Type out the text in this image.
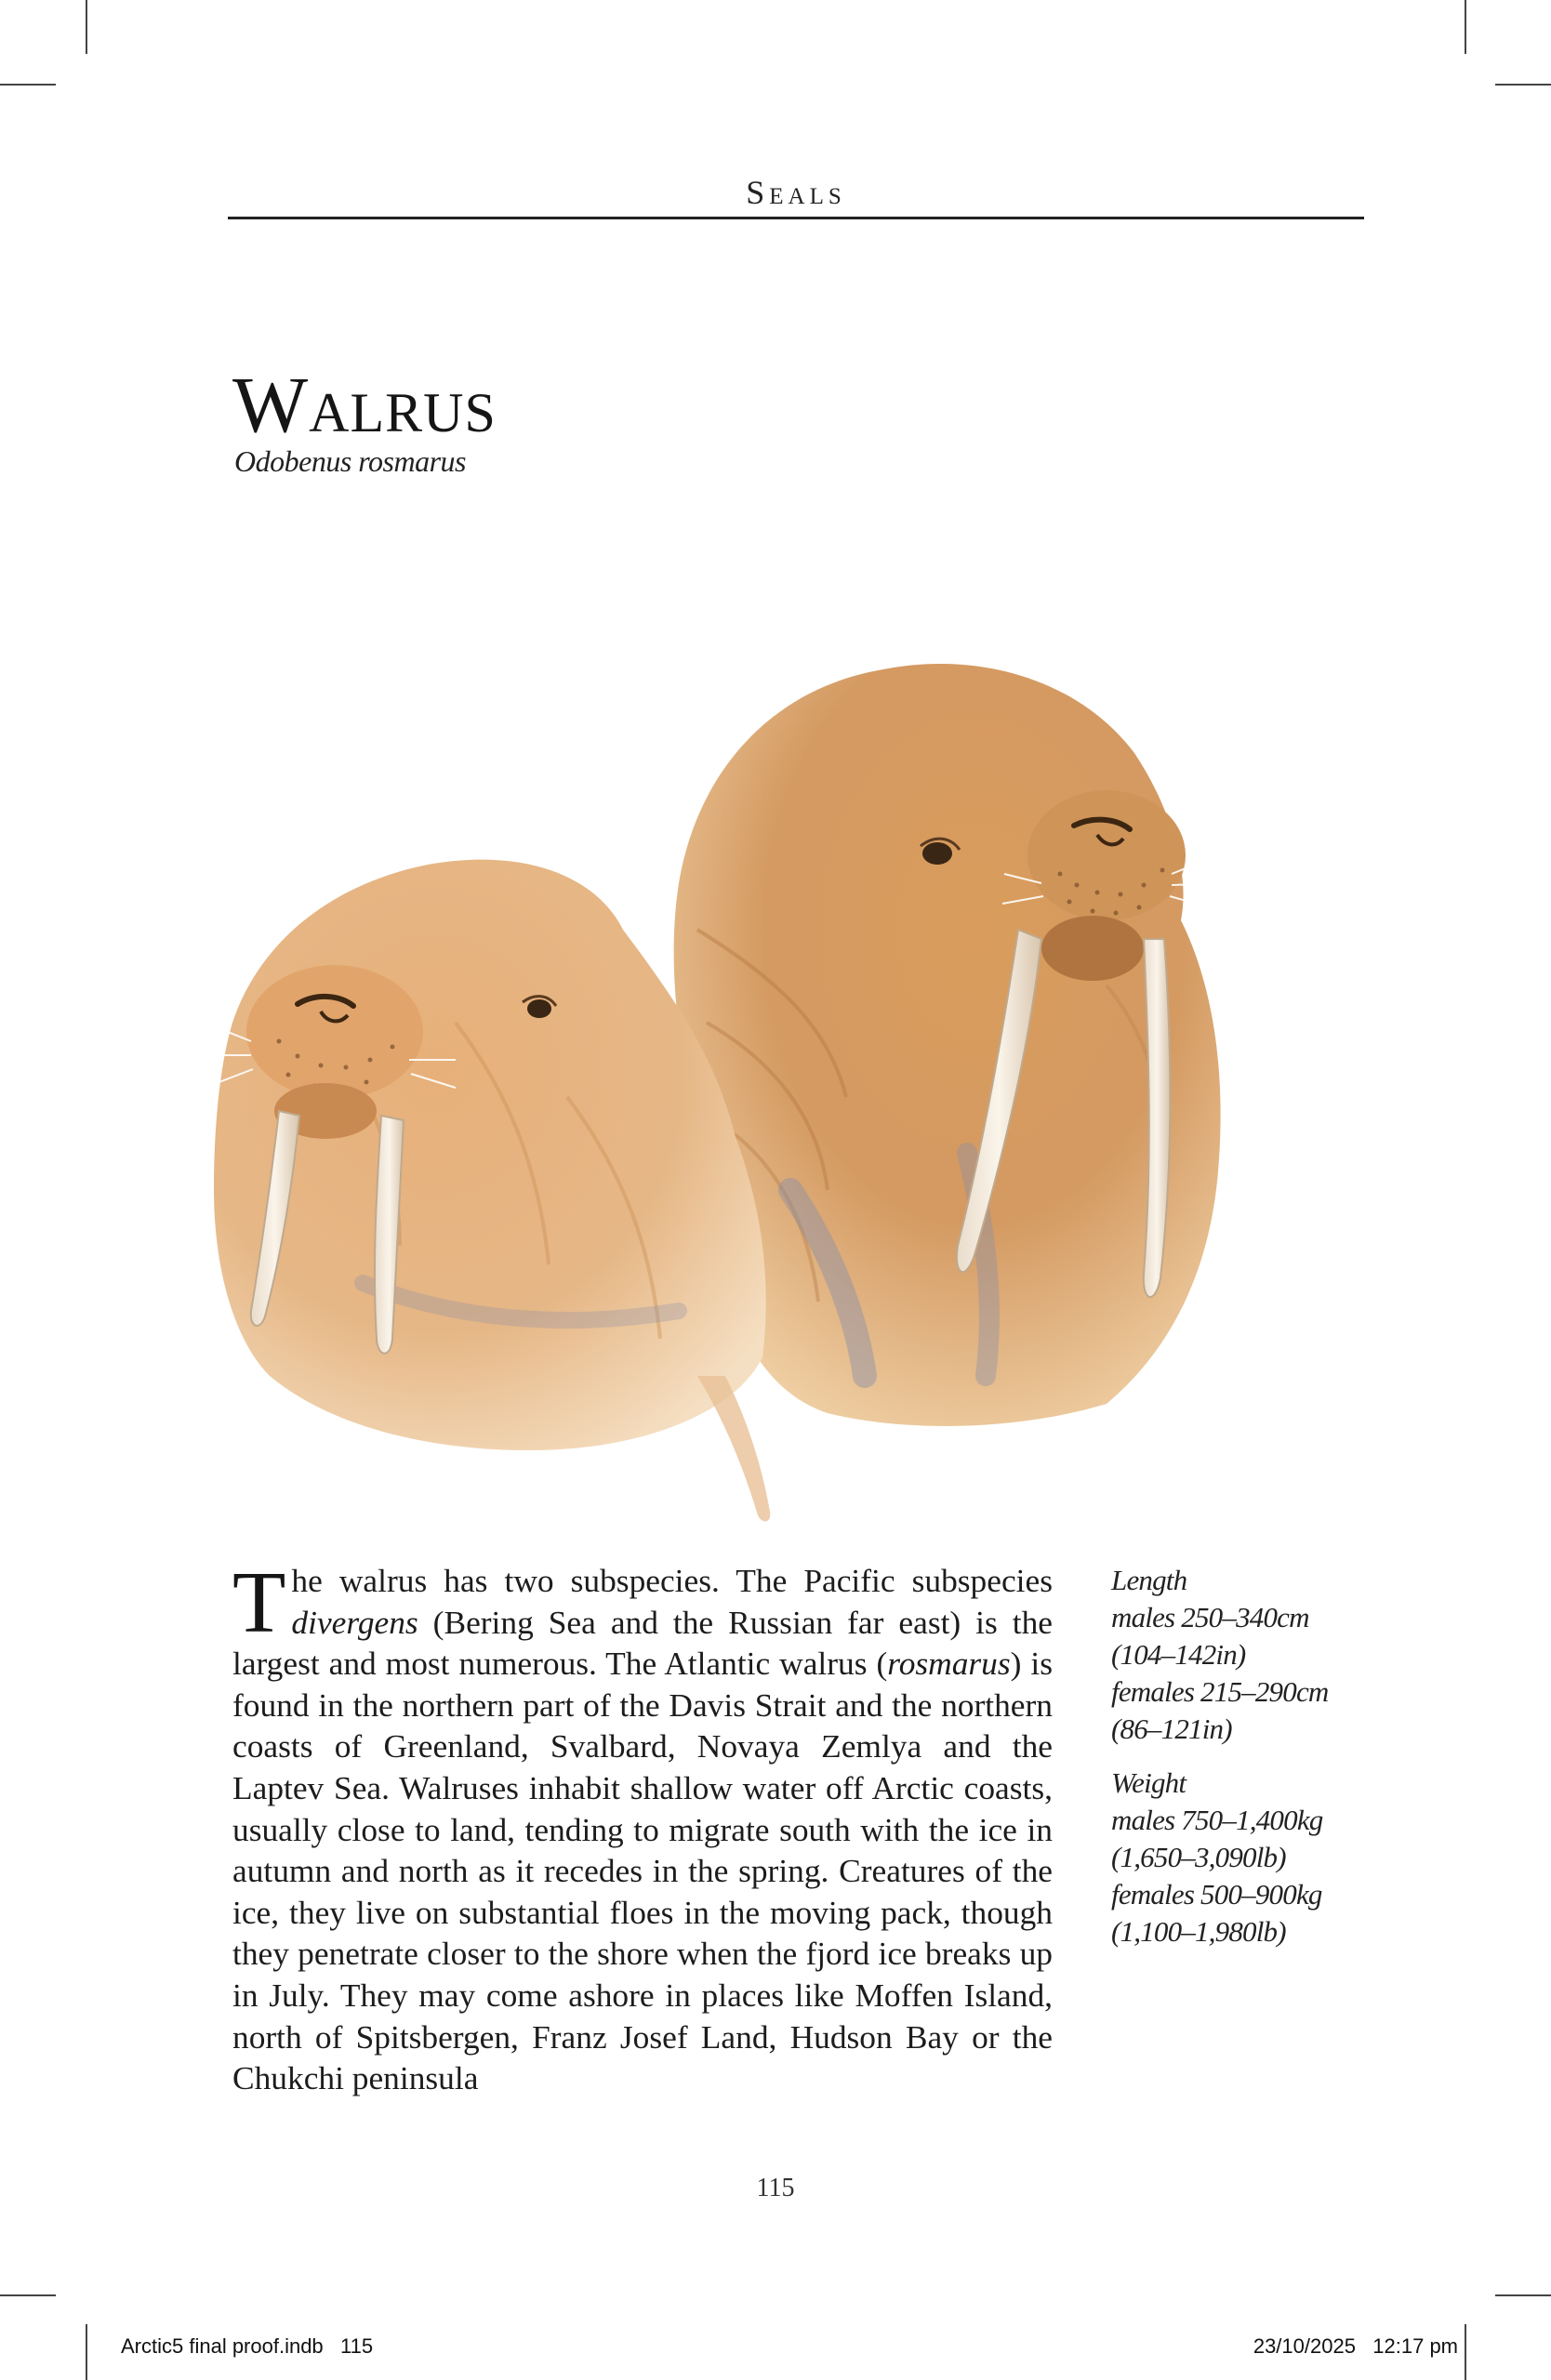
Seals
Walrus
Odobenus rosmarus
The walrus has two subspecies. The Pacific subspecies divergens (Bering Sea and the Russian far east) is the largest and most numerous. The Atlantic walrus (rosmarus) is found in the northern part of the Davis Strait and the northern coasts of Greenland, Svalbard, Novaya Zemlya and the Laptev Sea. Walruses inhabit shallow water off Arctic coasts, usually close to land, tending to migrate south with the ice in autumn and north as it recedes in the spring. Creatures of the ice, they live on substantial floes in the moving pack, though they penetrate closer to the shore when the fjord ice breaks up in July. They may come ashore in places like Moffen Island, north of Spitsbergen, Franz Josef Land, Hudson Bay or the Chukchi peninsula
Length
males 250–340cm
(104–142in)
females 215–290cm
(86–121in)
Weight
males 750–1,400kg
(1,650–3,090lb)
females 500–900kg
(1,100–1,980lb)
115
Arctic5 final proof.indb   115	23/10/2025   12:17 pm
